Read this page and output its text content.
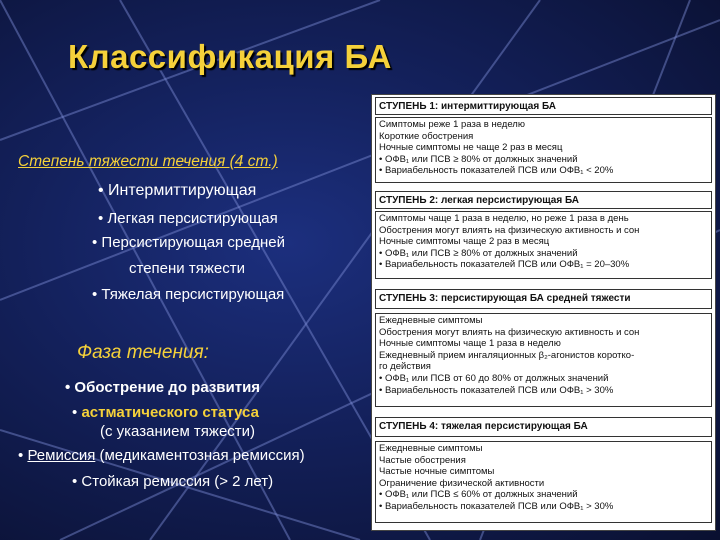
Классификация БА
Степень тяжести течения (4 ст.)
• Интермиттирующая
• Легкая персистирующая
• Персистирующая средней
степени тяжести
• Тяжелая персистирующая
Фаза течения:
• Обострение до развития
• астматического статуса
(с указанием тяжести)
• Ремиссия (медикаментозная ремиссия)
• Стойкая ремиссия (> 2 лет)
СТУПЕНЬ 1: интермиттирующая БА
Симптомы реже 1 раза в неделю
Короткие обострения
Ночные симптомы не чаще 2 раз в месяц
• ОФВ₁ или ПСВ ≥ 80% от должных значений
• Вариабельность показателей ПСВ или ОФВ₁ < 20%
СТУПЕНЬ 2: легкая персистирующая БА
Симптомы чаще 1 раза в неделю, но реже 1 раза в день
Обострения могут влиять на физическую активность и сон
Ночные симптомы чаще 2 раз в месяц
• ОФВ₁ или ПСВ ≥ 80% от должных значений
• Вариабельность показателей ПСВ или ОФВ₁ = 20–30%
СТУПЕНЬ 3: персистирующая БА средней тяжести
Ежедневные симптомы
Обострения могут влиять на физическую активность и сон
Ночные симптомы чаще 1 раза в неделю
Ежедневный прием ингаляционных β₂-агонистов коротко-
го действия
• ОФВ₁ или ПСВ от 60 до 80% от должных значений
• Вариабельность показателей ПСВ или ОФВ₁ > 30%
СТУПЕНЬ 4: тяжелая персистирующая БА
Ежедневные симптомы
Частые обострения
Частые ночные симптомы
Ограничение физической активности
• ОФВ₁ или ПСВ ≤ 60% от должных значений
• Вариабельность показателей ПСВ или ОФВ₁ > 30%
